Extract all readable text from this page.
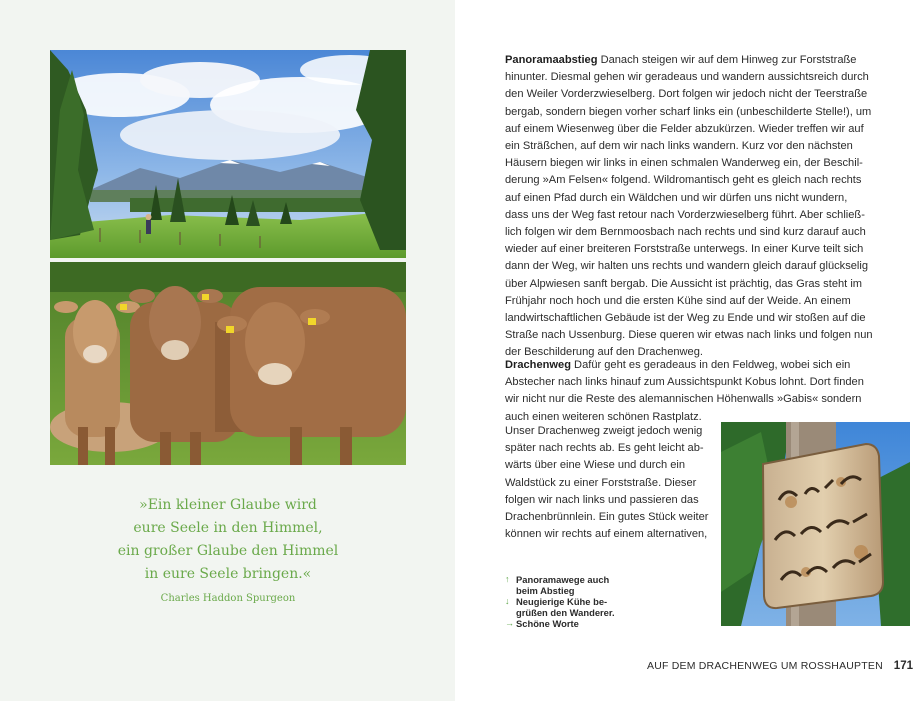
»Ein kleiner Glaube wird
eure Seele in den Himmel,
ein großer Glaube den Himmel
in eure Seele bringen.«
Charles Haddon Spurgeon
Panoramaabstieg Danach steigen wir auf dem Hinweg zur Forststraße
hinunter. Diesmal gehen wir geradeaus und wandern aussichtsreich durch
den Weiler Vorderzwieselberg. Dort folgen wir jedoch nicht der Teerstraße
bergab, sondern biegen vorher scharf links ein (unbeschilderte Stelle!), um
auf einem Wiesenweg über die Felder abzukürzen. Wieder treffen wir auf
ein Sträßchen, auf dem wir nach links wandern. Kurz vor den nächsten
Häusern biegen wir links in einen schmalen Wanderweg ein, der Beschil-
derung »Am Felsen« folgend. Wildromantisch geht es gleich nach rechts
auf einen Pfad durch ein Wäldchen und wir dürfen uns nicht wundern,
dass uns der Weg fast retour nach Vorderzwieselberg führt. Aber schließ-
lich folgen wir dem Bernmoosbach nach rechts und sind kurz darauf auch
wieder auf einer breiteren Forststraße unterwegs. In einer Kurve teilt sich
dann der Weg, wir halten uns rechts und wandern gleich darauf glückselig
über Alpwiesen sanft bergab. Die Aussicht ist prächtig, das Gras steht im
Frühjahr noch hoch und die ersten Kühe sind auf der Weide. An einem
landwirtschaftlichen Gebäude ist der Weg zu Ende und wir stoßen auf die
Straße nach Ussenburg. Diese queren wir etwas nach links und folgen nun
der Beschilderung auf den Drachenweg.
Drachenweg Dafür geht es geradeaus in den Feldweg, wobei sich ein
Abstecher nach links hinauf zum Aussichtspunkt Kobus lohnt. Dort finden
wir nicht nur die Reste des alemannischen Höhenwalls »Gabis« sondern
auch einen weiteren schönen Rastplatz.
Unser Drachenweg zweigt jedoch wenig
später nach rechts ab. Es geht leicht ab-
wärts über eine Wiese und durch ein
Waldstück zu einer Forststraße. Dieser
folgen wir nach links und passieren das
Drachenbrünnlein. Ein gutes Stück weiter
können wir rechts auf einem alternativen,
↑ Panoramawege auch
beim Abstieg
↓ Neugierige Kühe be-
grüßen den Wanderer.
→ Schöne Worte
AUF DEM DRACHENWEG UM ROSSHAUPTEN 171
